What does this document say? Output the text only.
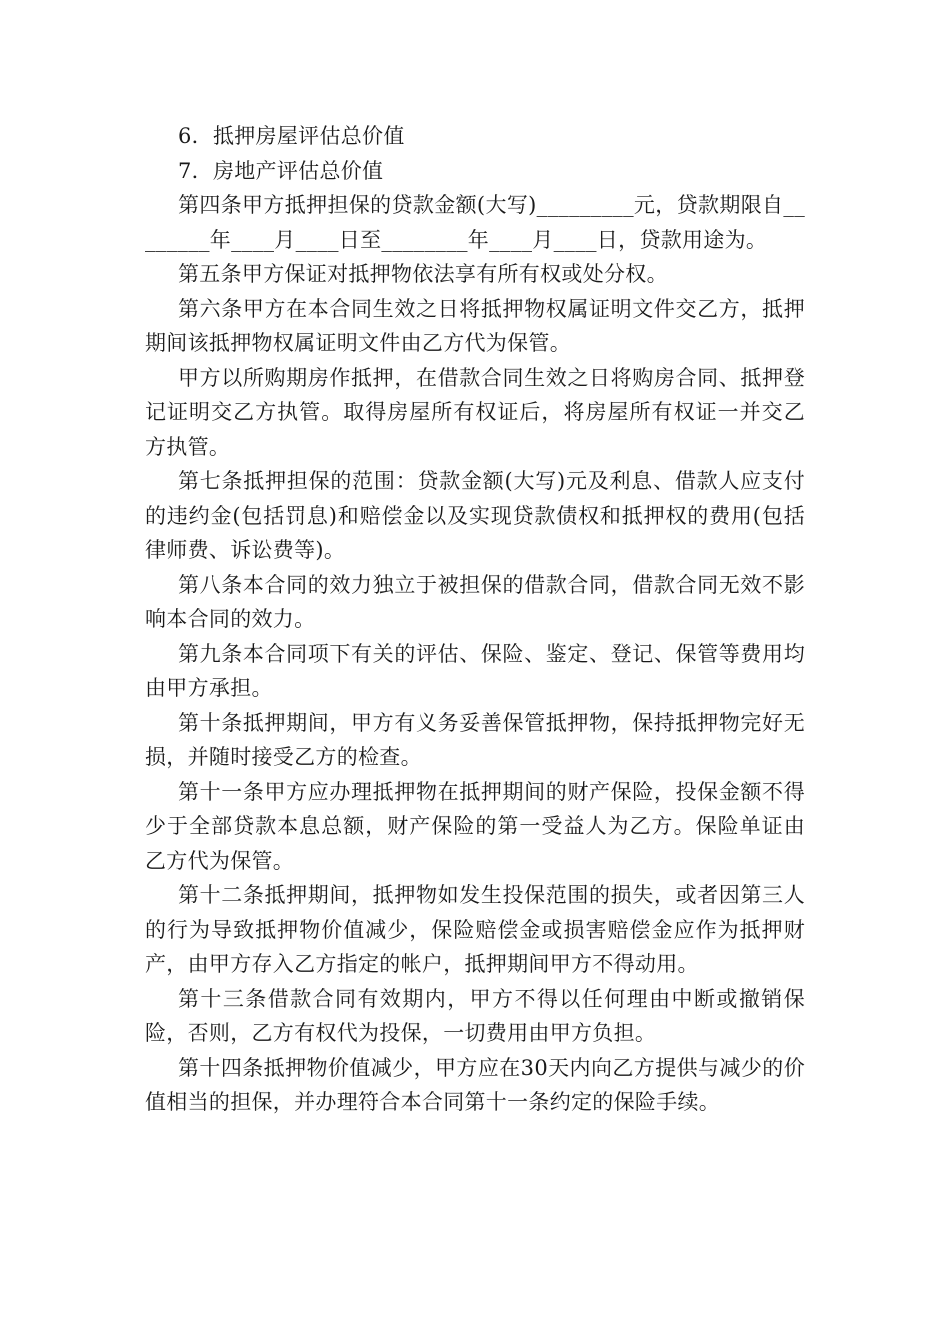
6．抵押房屋评估总价值

7．房地产评估总价值

第四条甲方抵押担保的贷款金额(大写)_________元，贷款期限自________年____月____日至________年____月____日，贷款用途为。

第五条甲方保证对抵押物依法享有所有权或处分权。

第六条甲方在本合同生效之日将抵押物权属证明文件交乙方，抵押期间该抵押物权属证明文件由乙方代为保管。

甲方以所购期房作抵押，在借款合同生效之日将购房合同、抵押登记证明交乙方执管。取得房屋所有权证后，将房屋所有权证一并交乙方执管。

第七条抵押担保的范围：贷款金额(大写)元及利息、借款人应支付的违约金(包括罚息)和赔偿金以及实现贷款债权和抵押权的费用(包括律师费、诉讼费等)。

第八条本合同的效力独立于被担保的借款合同，借款合同无效不影响本合同的效力。

第九条本合同项下有关的评估、保险、鉴定、登记、保管等费用均由甲方承担。

第十条抵押期间，甲方有义务妥善保管抵押物，保持抵押物完好无损，并随时接受乙方的检查。

第十一条甲方应办理抵押物在抵押期间的财产保险，投保金额不得少于全部贷款本息总额，财产保险的第一受益人为乙方。保险单证由乙方代为保管。

第十二条抵押期间，抵押物如发生投保范围的损失，或者因第三人的行为导致抵押物价值减少，保险赔偿金或损害赔偿金应作为抵押财产，由甲方存入乙方指定的帐户，抵押期间甲方不得动用。

第十三条借款合同有效期内，甲方不得以任何理由中断或撤销保险，否则，乙方有权代为投保，一切费用由甲方负担。

第十四条抵押物价值减少，甲方应在30天内向乙方提供与减少的价值相当的担保，并办理符合本合同第十一条约定的保险手续。
